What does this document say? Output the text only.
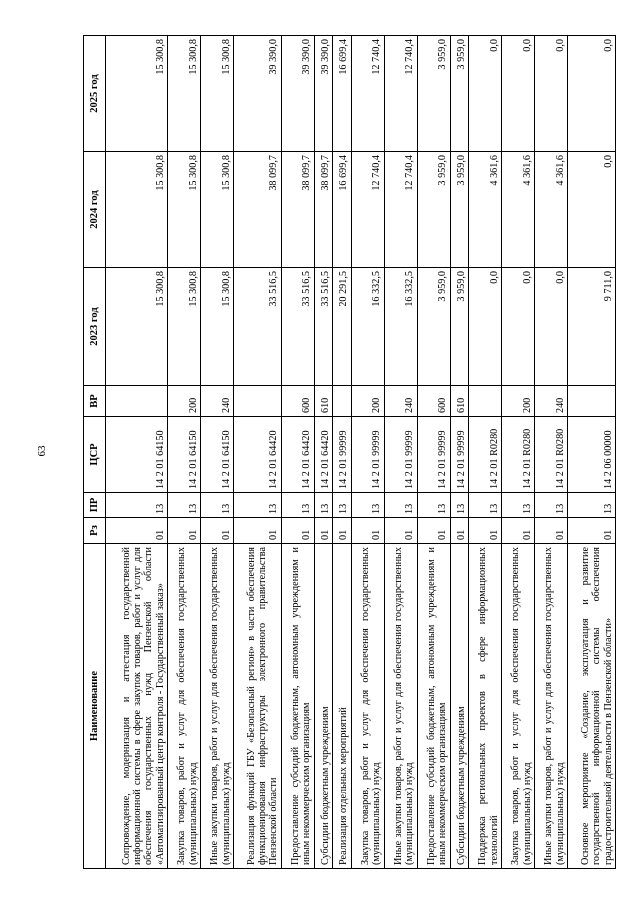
63
Наименование	Рз	ПР	ЦСР	ВР	2023 год	2024 год	2025 год
Сопровождение, модернизация и аттестация государственной информационной системы в сфере закупок товаров, работ и услуг для обеспечения государственных нужд Пензенской области «Автоматизированный центр контроля - Государственный заказ»	01	13	14 2 01 64150		15 300,8	15 300,8	15 300,8
Закупка товаров, работ и услуг для обеспечения государственных (муниципальных) нужд	01	13	14 2 01 64150	200	15 300,8	15 300,8	15 300,8
Иные закупки товаров, работ и услуг для обеспечения государственных (муниципальных) нужд	01	13	14 2 01 64150	240	15 300,8	15 300,8	15 300,8
Реализация функций ГБУ «Безопасный регион» в части обеспечения функционирования инфраструктуры электронного правительства Пензенской области	01	13	14 2 01 64420		33 516,5	38 099,7	39 390,0
Предоставление субсидий бюджетным, автономным учреждениям и иным некоммерческим организациям	01	13	14 2 01 64420	600	33 516,5	38 099,7	39 390,0
Субсидии бюджетным учреждениям	01	13	14 2 01 64420	610	33 516,5	38 099,7	39 390,0
Реализация отдельных мероприятий	01	13	14 2 01 99999		20 291,5	16 699,4	16 699,4
Закупка товаров, работ и услуг для обеспечения государственных (муниципальных) нужд	01	13	14 2 01 99999	200	16 332,5	12 740,4	12 740,4
Иные закупки товаров, работ и услуг для обеспечения государственных (муниципальных) нужд	01	13	14 2 01 99999	240	16 332,5	12 740,4	12 740,4
Предоставление субсидий бюджетным, автономным учреждениям и иным некоммерческим организациям	01	13	14 2 01 99999	600	3 959,0	3 959,0	3 959,0
Субсидии бюджетным учреждениям	01	13	14 2 01 99999	610	3 959,0	3 959,0	3 959,0
Поддержка региональных проектов в сфере информационных технологий	01	13	14 2 01 R0280		0,0	4 361,6	0,0
Закупка товаров, работ и услуг для обеспечения государственных (муниципальных) нужд	01	13	14 2 01 R0280	200	0,0	4 361,6	0,0
Иные закупки товаров, работ и услуг для обеспечения государственных (муниципальных) нужд	01	13	14 2 01 R0280	240	0,0	4 361,6	0,0
Основное мероприятие «Создание, эксплуатация и развитие государственной информационной системы обеспечения градостроительной деятельности в Пензенской области»	01	13	14 2 06 00000		9 711,0	0,0	0,0
